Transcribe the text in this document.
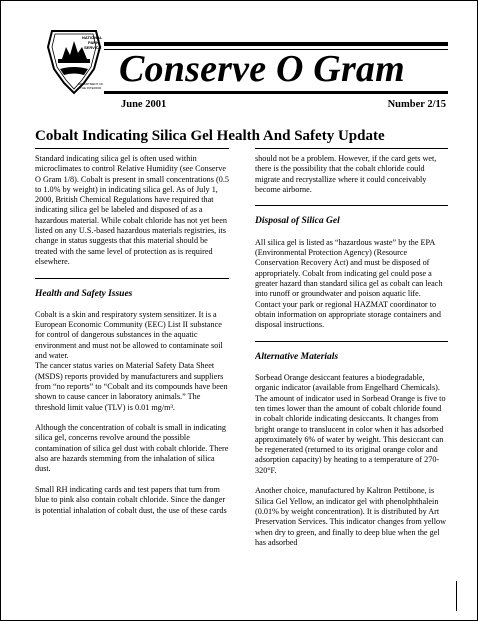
NATIONAL
PARK
SERVICE
DEPARTMENT OF
THE INTERIOR Conserve O Gram
June 2001	Number 2/15
Cobalt Indicating Silica Gel Health And Safety Update

Standard indicating silica gel is often used within microclimates to control Relative Humidity (see Conserve O Gram 1/8). Cobalt is present in small concentrations (0.5 to 1.0% by weight) in indicating silica gel. As of July 1, 2000, British Chemical Regulations have required that indicating silica gel be labeled and disposed of as a hazardous material. While cobalt chloride has not yet been listed on any U.S.-based hazardous materials registries, its change in status suggests that this material should be treated with the same level of protection as is required elsewhere.

Health and Safety Issues

Cobalt is a skin and respiratory system sensitizer. It is a European Economic Community (EEC) List II substance for control of dangerous substances in the aquatic environment and must not be allowed to contaminate soil and water.

The cancer status varies on Material Safety Data Sheet (MSDS) reports provided by manufacturers and suppliers from “no reports” to “Cobalt and its compounds have been shown to cause cancer in laboratory animals.” The threshold limit value (TLV) is 0.01 mg/m³.

Although the concentration of cobalt is small in indicating silica gel, concerns revolve around the possible contamination of silica gel dust with cobalt chloride. There also are hazards stemming from the inhalation of silica dust.

Small RH indicating cards and test papers that turn from blue to pink also contain cobalt chloride. Since the danger is potential inhalation of cobalt dust, the use of these cards

should not be a problem. However, if the card gets wet, there is the possibility that the cobalt chloride could migrate and recrystallize where it could conceivably become airborne.

Disposal of Silica Gel

All silica gel is listed as “hazardous waste” by the EPA (Environmental Protection Agency) (Resource Conservation Recovery Act) and must be disposed of appropriately. Cobalt from indicating gel could pose a greater hazard than standard silica gel as cobalt can leach into runoff or groundwater and poison aquatic life. Contact your park or regional HAZMAT coordinator to obtain information on appropriate storage containers and disposal instructions.

Alternative Materials

Sorbead Orange desiccant features a biodegradable, organic indicator (available from Engelhard Chemicals). The amount of indicator used in Sorbead Orange is five to ten times lower than the amount of cobalt chloride found in cobalt chloride indicating desiccants. It changes from bright orange to translucent in color when it has adsorbed approximately 6% of water by weight. This desiccant can be regenerated (returned to its original orange color and adsorption capacity) by heating to a temperature of 270-320°F.

Another choice, manufactured by Kaltron Pettibone, is Silica Gel Yellow, an indicator gel with phenolphthalein (0.01% by weight concentration). It is distributed by Art Preservation Services. This indicator changes from yellow when dry to green, and finally to deep blue when the gel has adsorbed
